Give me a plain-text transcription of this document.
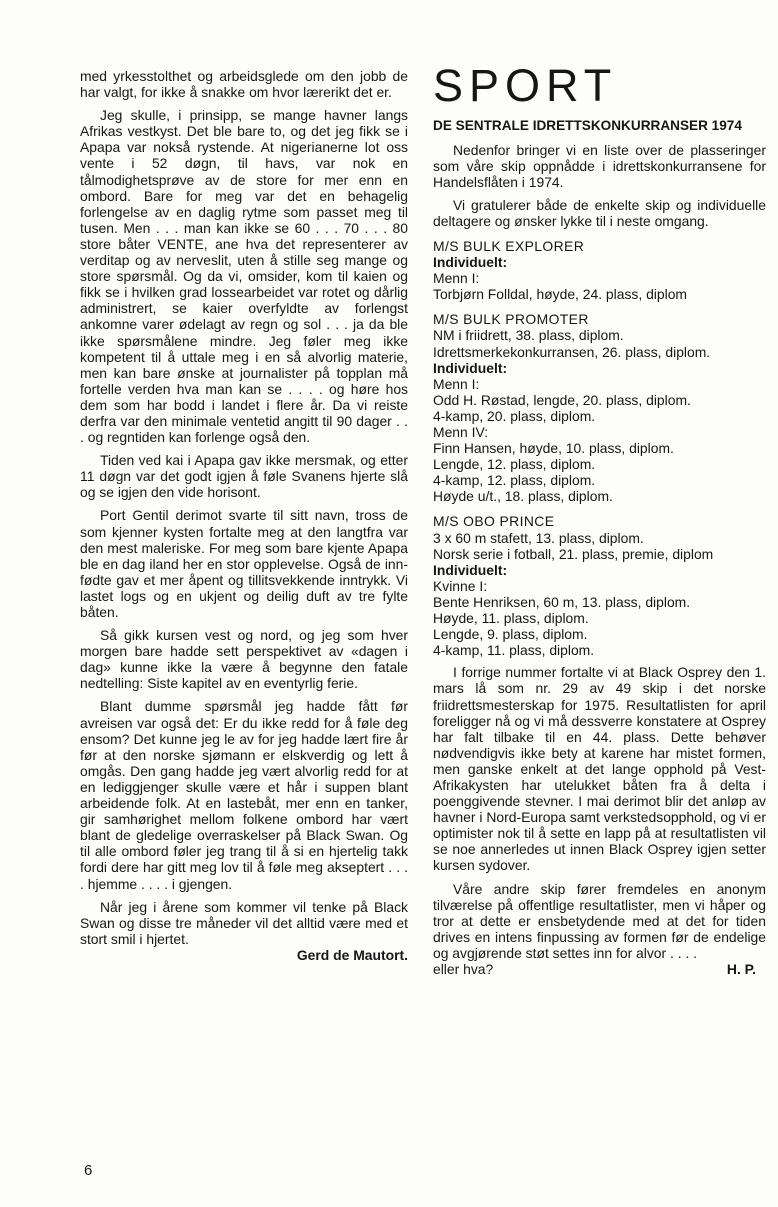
med yrkesstolthet og arbeidsglede om den jobb de har valgt, for ikke å snakke om hvor lærerikt det er.

Jeg skulle, i prinsipp, se mange havner langs Afrikas vestkyst. Det ble bare to, og det jeg fikk se i Apapa var nokså rystende. At nigerianerne lot oss vente i 52 døgn, til havs, var nok en tålmodighetsprøve av de store for mer enn en ombord. Bare for meg var det en behagelig forlengelse av en daglig rytme som passet meg til tusen. Men . . . man kan ikke se 60 . . . 70 . . . 80 store båter VENTE, ane hva det representerer av verditap og av nerveslit, uten å stille seg mange og store spørsmål. Og da vi, omsider, kom til kaien og fikk se i hvilken grad lossearbeidet var rotet og dårlig administrert, se kaier overfyldte av forlengst ankomne varer ødelagt av regn og sol . . . ja da ble ikke spørsmålene mindre. Jeg føler meg ikke kompetent til å uttale meg i en så alvorlig materie, men kan bare ønske at journalister på topplan må fortelle verden hva man kan se . . . . og høre hos dem som har bodd i landet i flere år. Da vi reiste derfra var den minimale ventetid angitt til 90 dager . . . og regntiden kan forlenge også den.

Tiden ved kai i Apapa gav ikke mersmak, og etter 11 døgn var det godt igjen å føle Svanens hjerte slå og se igjen den vide horisont.

Port Gentil derimot svarte til sitt navn, tross de som kjenner kysten fortalte meg at den langtfra var den mest maleriske. For meg som bare kjente Apapa ble en dag iland her en stor opplevelse. Også de innfødte gav et mer åpent og tillitsvekkende inntrykk. Vi lastet logs og en ukjent og deilig duft av tre fylte båten.

Så gikk kursen vest og nord, og jeg som hver morgen bare hadde sett perspektivet av «dagen i dag» kunne ikke la være å begynne den fatale nedtelling: Siste kapitel av en eventyrlig ferie.

Blant dumme spørsmål jeg hadde fått før avreisen var også det: Er du ikke redd for å føle deg ensom? Det kunne jeg le av for jeg hadde lært fire år før at den norske sjømann er elskverdig og lett å omgås. Den gang hadde jeg vært alvorlig redd for at en lediggjenger skulle være et hår i suppen blant arbeidende folk. At en lastebåt, mer enn en tanker, gir samhørighet mellom folkene ombord har vært blant de gledelige overraskelser på Black Swan. Og til alle ombord føler jeg trang til å si en hjertelig takk fordi dere har gitt meg lov til å føle meg akseptert . . . . hjemme . . . . i gjengen.

Når jeg i årene som kommer vil tenke på Black Swan og disse tre måneder vil det alltid være med et stort smil i hjertet.

Gerd de Mautort.
6
SPORT
DE SENTRALE IDRETTSKONKURRANSER 1974

Nedenfor bringer vi en liste over de plasseringer som våre skip oppnådde i idrettskonkurransene for Handelsflåten i 1974.

Vi gratulerer både de enkelte skip og individuelle deltagere og ønsker lykke til i neste omgang.

M/S BULK EXPLORER
Individuelt:
Menn I:
Torbjørn Folldal, høyde, 24. plass, diplom
M/S BULK PROMOTER
NM i friidrett, 38. plass, diplom.
Idrettsmerkekonkurransen, 26. plass, diplom.
Individuelt:
Menn I:
Odd H. Røstad, lengde, 20. plass, diplom.
4-kamp, 20. plass, diplom.
Menn IV:
Finn Hansen, høyde, 10. plass, diplom.
Lengde, 12. plass, diplom.
4-kamp, 12. plass, diplom.
Høyde u/t., 18. plass, diplom.
M/S OBO PRINCE
3 x 60 m stafett, 13. plass, diplom.
Norsk serie i fotball, 21. plass, premie, diplom
Individuelt:
Kvinne I:
Bente Henriksen, 60 m, 13. plass, diplom.
Høyde, 11. plass, diplom.
Lengde, 9. plass, diplom.
4-kamp, 11. plass, diplom.

I forrige nummer fortalte vi at Black Osprey den 1. mars lå som nr. 29 av 49 skip i det norske friidrettsmesterskap for 1975. Resultatlisten for april foreligger nå og vi må dessverre konstatere at Osprey har falt tilbake til en 44. plass. Dette behøver nødvendigvis ikke bety at karene har mistet formen, men ganske enkelt at det lange opphold på Vest-Afrikakysten har utelukket båten fra å delta i poenggivende stevner. I mai derimot blir det anløp av havner i Nord-Europa samt verkstedsopphold, og vi er optimister nok til å sette en lapp på at resultatlisten vil se noe annerledes ut innen Black Osprey igjen setter kursen sydover.

Våre andre skip fører fremdeles en anonym tilværelse på offentlige resultatlister, men vi håper og tror at dette er ensbetydende med at det for tiden drives en intens finpussing av formen før de endelige og avgjørende støt settes inn for alvor . . . .

eller hva?	H. P.
